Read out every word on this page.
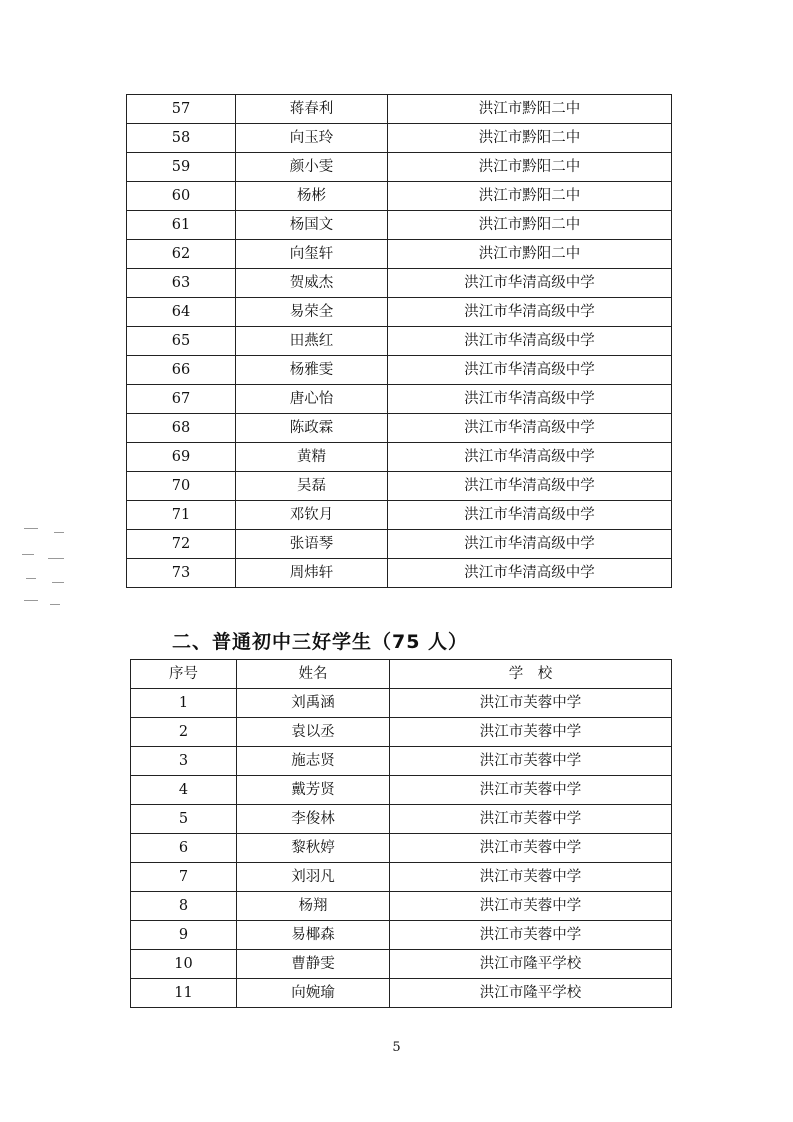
57	蒋春利	洪江市黔阳二中
58	向玉玲	洪江市黔阳二中
59	颜小雯	洪江市黔阳二中
60	杨彬	洪江市黔阳二中
61	杨国文	洪江市黔阳二中
62	向玺轩	洪江市黔阳二中
63	贺威杰	洪江市华清高级中学
64	易荣全	洪江市华清高级中学
65	田燕红	洪江市华清高级中学
66	杨雅雯	洪江市华清高级中学
67	唐心怡	洪江市华清高级中学
68	陈政霖	洪江市华清高级中学
69	黄精	洪江市华清高级中学
70	吴磊	洪江市华清高级中学
71	邓钦月	洪江市华清高级中学
72	张语琴	洪江市华清高级中学
73	周炜轩	洪江市华清高级中学
二、普通初中三好学生（75 人）
序号	姓名	学　校
1	刘禹涵	洪江市芙蓉中学
2	袁以丞	洪江市芙蓉中学
3	施志贤	洪江市芙蓉中学
4	戴芳贤	洪江市芙蓉中学
5	李俊林	洪江市芙蓉中学
6	黎秋婷	洪江市芙蓉中学
7	刘羽凡	洪江市芙蓉中学
8	杨翔	洪江市芙蓉中学
9	易椰森	洪江市芙蓉中学
10	曹静雯	洪江市隆平学校
11	向婉瑜	洪江市隆平学校
5
